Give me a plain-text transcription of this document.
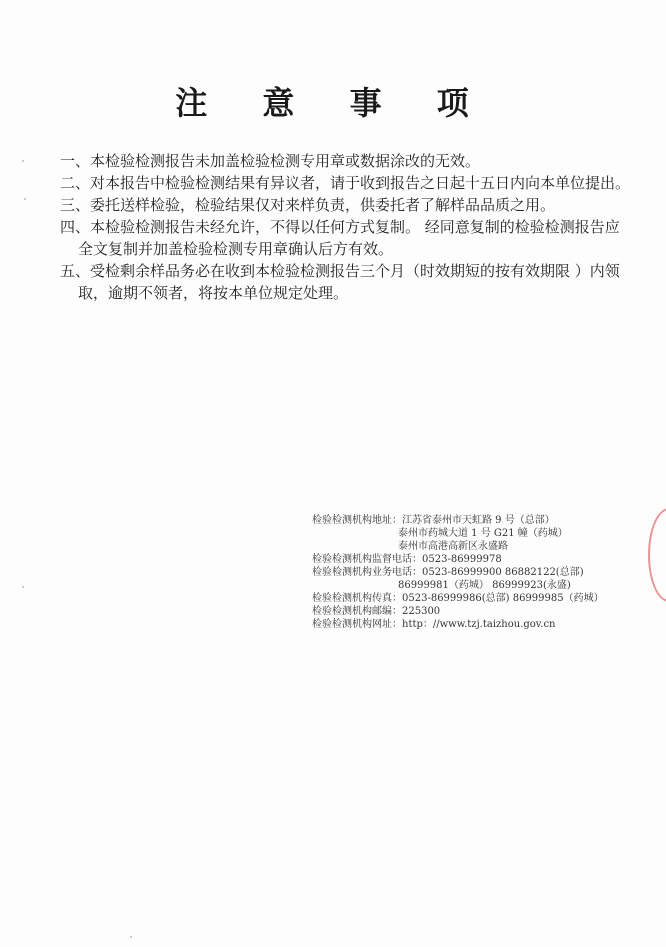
注 意 事 项

一、本检验检测报告未加盖检验检测专用章或数据涂改的无效。

二、对本报告中检验检测结果有异议者，请于收到报告之日起十五日内向本单位提出。

三、委托送样检验，检验结果仅对来样负责，供委托者了解样品品质之用。

四、本检验检测报告未经允许，不得以任何方式复制。 经同意复制的检验检测报告应
全文复制并加盖检验检测专用章确认后方有效。

五、受检剩余样品务必在收到本检验检测报告三个月（时效期短的按有效期限 ）内领
取，逾期不领者，将按本单位规定处理。

检验检测机构地址：江苏省泰州市天虹路 9 号（总部）

泰州市药城大道 1 号 G21 幢（药城）

泰州市高港高新区永盛路

检验检测机构监督电话：0523-86999978

检验检测机构业务电话：0523-86999900 86882122(总部)

86999981（药城） 86999923(永盛)

检验检测机构传真：0523-86999986(总部) 86999985（药城）

检验检测机构邮编：225300

检验检测机构网址：http：//www.tzj.taizhou.gov.cn
